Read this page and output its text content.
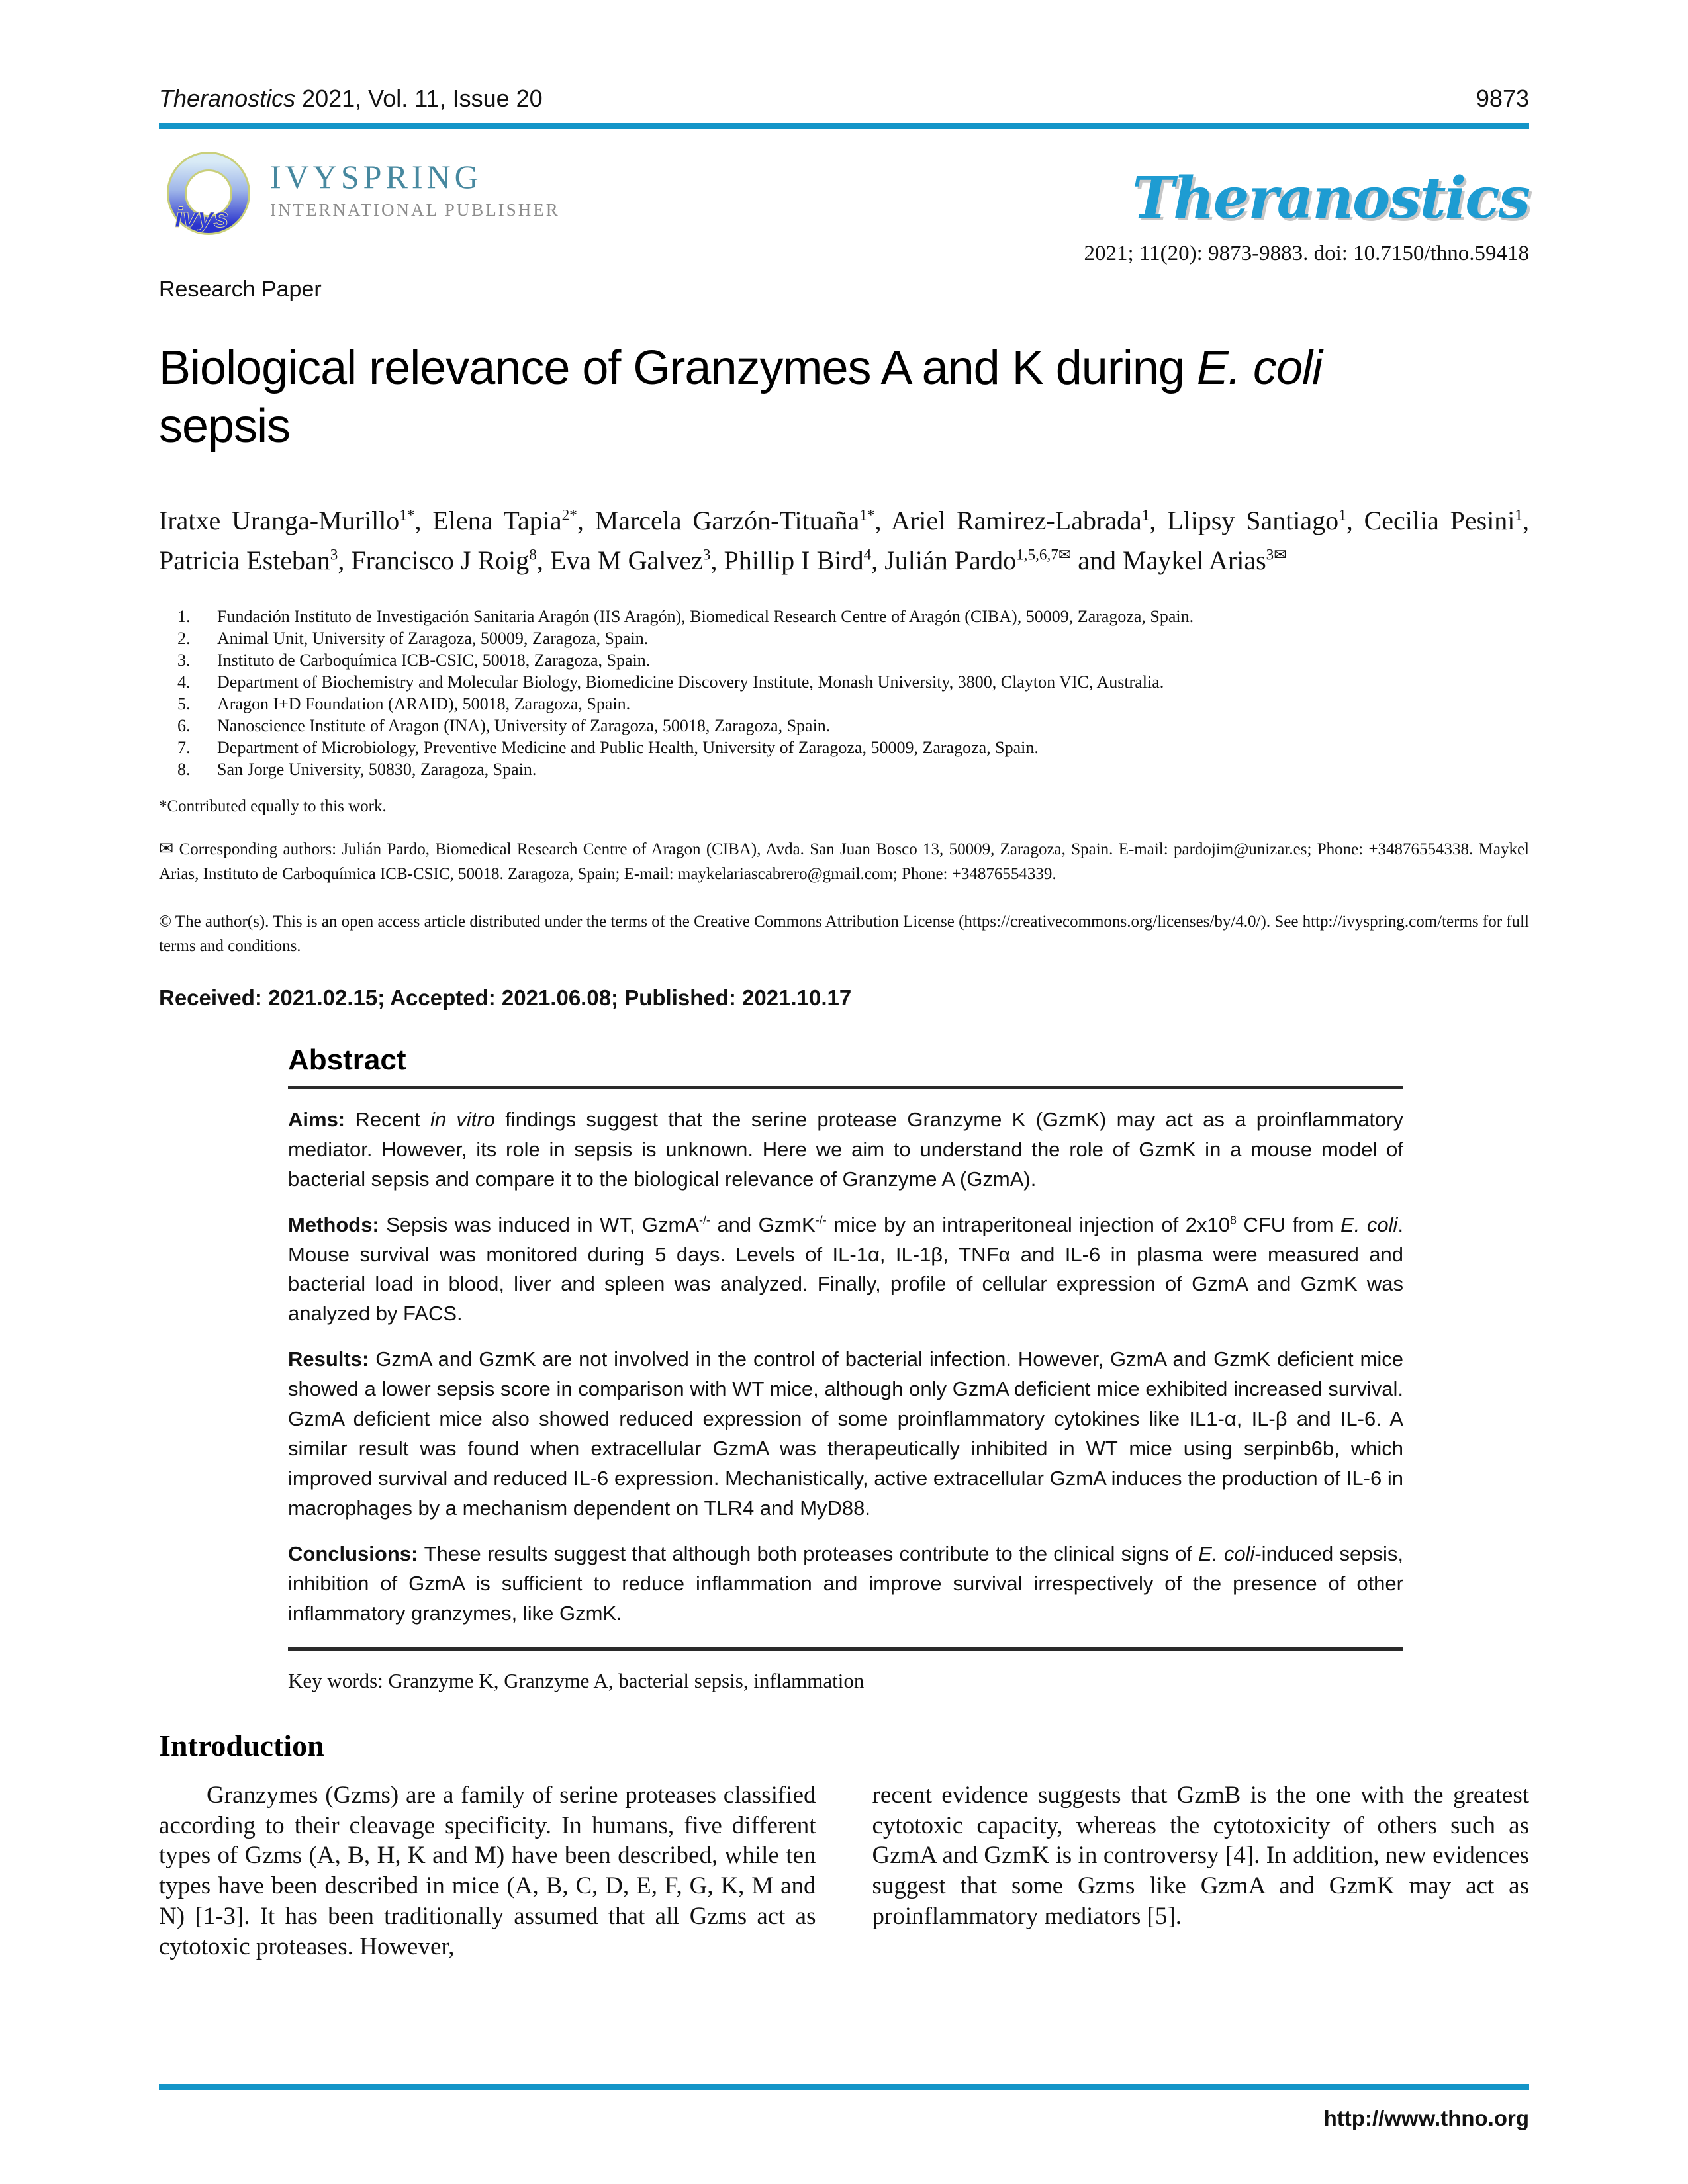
Theranostics 2021, Vol. 11, Issue 20	9873
ivys
IVYSPRING
INTERNATIONAL PUBLISHER	Theranostics
2021; 11(20): 9873-9883. doi: 10.7150/thno.59418
Research Paper
Biological relevance of Granzymes A and K during E. coli
sepsis

Iratxe Uranga-Murillo$^{1*}$, Elena Tapia$^{2*}$, Marcela Garzón-Tituaña$^{1*}$, Ariel Ramirez-Labrada$^1$, Llipsy Santiago$^1$, Cecilia Pesini$^1$, Patricia Esteban$^3$, Francisco J Roig$^8$, Eva M Galvez$^3$, Phillip I Bird$^4$, Julián Pardo$^{1,5,6,7✉}$ and Maykel Arias$^{3✉}$

Fundación Instituto de Investigación Sanitaria Aragón (IIS Aragón), Biomedical Research Centre of Aragón (CIBA), 50009, Zaragoza, Spain.
Animal Unit, University of Zaragoza, 50009, Zaragoza, Spain.
Instituto de Carboquímica ICB-CSIC, 50018, Zaragoza, Spain.
Department of Biochemistry and Molecular Biology, Biomedicine Discovery Institute, Monash University, 3800, Clayton VIC, Australia.
Aragon I+D Foundation (ARAID), 50018, Zaragoza, Spain.
Nanoscience Institute of Aragon (INA), University of Zaragoza, 50018, Zaragoza, Spain.
Department of Microbiology, Preventive Medicine and Public Health, University of Zaragoza, 50009, Zaragoza, Spain.
San Jorge University, 50830, Zaragoza, Spain.

*Contributed equally to this work.

✉ Corresponding authors: Julián Pardo, Biomedical Research Centre of Aragon (CIBA), Avda. San Juan Bosco 13, 50009, Zaragoza, Spain. E-mail: pardojim@unizar.es; Phone: +34876554338. Maykel Arias, Instituto de Carboquímica ICB-CSIC, 50018. Zaragoza, Spain; E-mail: maykelariascabrero@gmail.com; Phone: +34876554339.

© The author(s). This is an open access article distributed under the terms of the Creative Commons Attribution License (https://creativecommons.org/licenses/by/4.0/). See http://ivyspring.com/terms for full terms and conditions.

Received: 2021.02.15; Accepted: 2021.06.08; Published: 2021.10.17

Abstract

Aims: Recent in vitro findings suggest that the serine protease Granzyme K (GzmK) may act as a proinflammatory mediator. However, its role in sepsis is unknown. Here we aim to understand the role of GzmK in a mouse model of bacterial sepsis and compare it to the biological relevance of Granzyme A (GzmA).

Methods: Sepsis was induced in WT, GzmA-/- and GzmK-/- mice by an intraperitoneal injection of $2x10^8$ CFU from E. coli. Mouse survival was monitored during 5 days. Levels of IL-1α, IL-1β, TNFα and IL-6 in plasma were measured and bacterial load in blood, liver and spleen was analyzed. Finally, profile of cellular expression of GzmA and GzmK was analyzed by FACS.

Results: GzmA and GzmK are not involved in the control of bacterial infection. However, GzmA and GzmK deficient mice showed a lower sepsis score in comparison with WT mice, although only GzmA deficient mice exhibited increased survival. GzmA deficient mice also showed reduced expression of some proinflammatory cytokines like IL1-α, IL-β and IL-6. A similar result was found when extracellular GzmA was therapeutically inhibited in WT mice using serpinb6b, which improved survival and reduced IL-6 expression. Mechanistically, active extracellular GzmA induces the production of IL-6 in macrophages by a mechanism dependent on TLR4 and MyD88.

Conclusions: These results suggest that although both proteases contribute to the clinical signs of E. coli-induced sepsis, inhibition of GzmA is sufficient to reduce inflammation and improve survival irrespectively of the presence of other inflammatory granzymes, like GzmK.

Key words: Granzyme K, Granzyme A, bacterial sepsis, inflammation

Introduction

Granzymes (Gzms) are a family of serine proteases classified according to their cleavage specificity. In humans, five different types of Gzms (A, B, H, K and M) have been described, while ten types have been described in mice (A, B, C, D, E, F, G, K, M and N) [1-3]. It has been traditionally assumed that all Gzms act as cytotoxic proteases. However,

recent evidence suggests that GzmB is the one with the greatest cytotoxic capacity, whereas the cytotoxicity of others such as GzmA and GzmK is in controversy [4]. In addition, new evidences suggest that some Gzms like GzmA and GzmK may act as proinflammatory mediators [5].

http://www.thno.org
